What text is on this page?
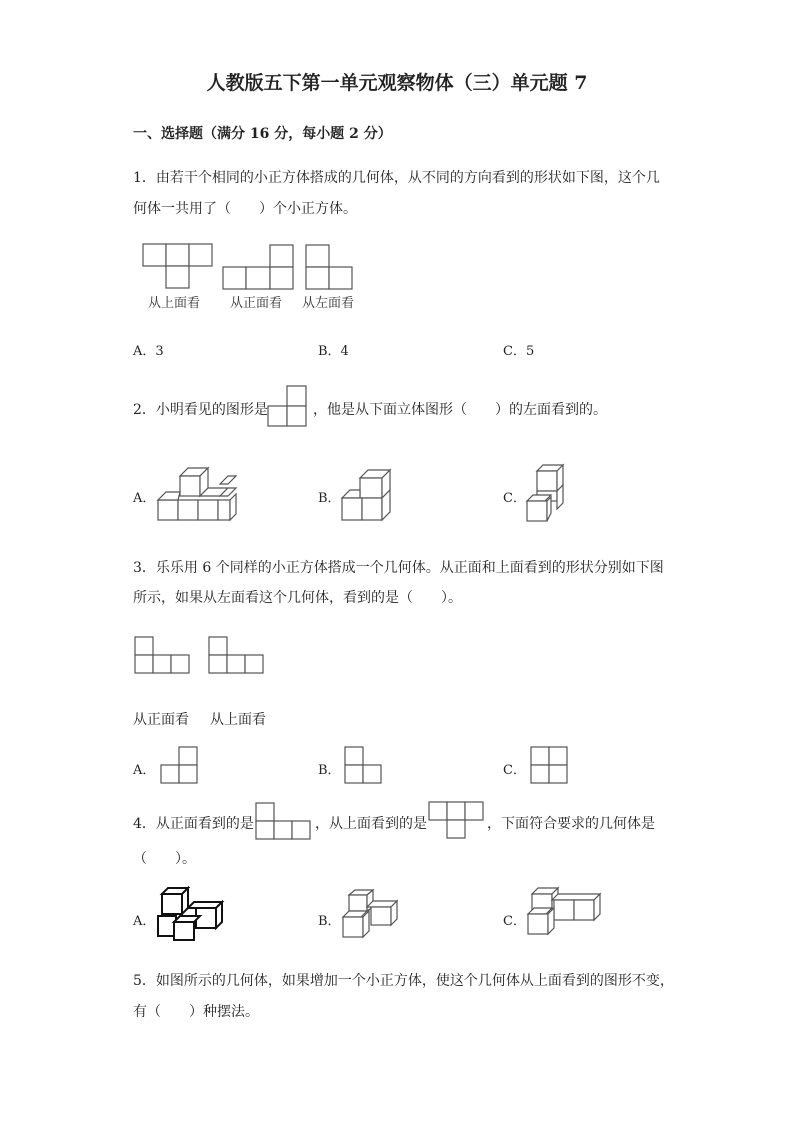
人教版五下第一单元观察物体（三）单元题 7
一、选择题（满分 16 分，每小题 2 分）
1．由若干个相同的小正方体搭成的几何体，从不同的方向看到的形状如下图，这个几
何体一共用了（　　）个小正方体。
从上面看 从正面看 从左面看
A．3	B．4	C．5
2．小明看见的图形是	，他是从下面立体图形（　　）的左面看到的。
A．	B．	C．
3．乐乐用 6 个同样的小正方体搭成一个几何体。从正面和上面看到的形状分别如下图
所示，如果从左面看这个几何体，看到的是（　　）。
从正面看 从上面看
A．	B．	C．
4．从正面看到的是	，从上面看到的是	，下面符合要求的几何体是
（　　）。
A．	B．	C．
5．如图所示的几何体，如果增加一个小正方体，使这个几何体从上面看到的图形不变，
有（　　）种摆法。
